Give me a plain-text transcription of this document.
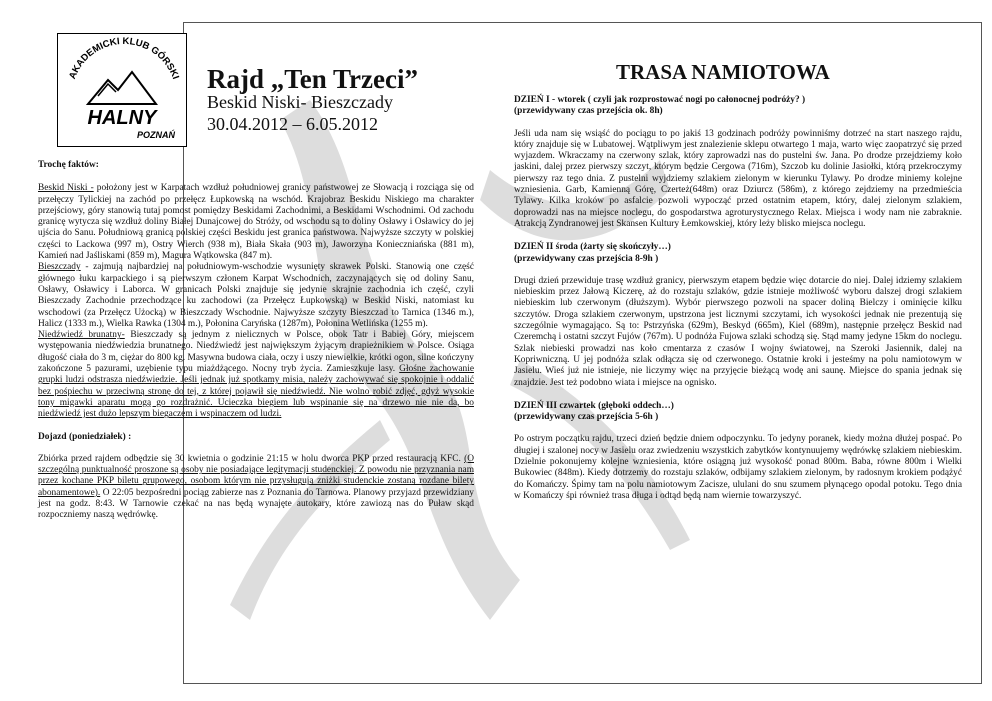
AKADEMICKI KLUB GÓRSKI
HALNY
POZNAŃ
Rajd „Ten Trzeci”
Beskid Niski- Bieszczady
30.04.2012 – 6.05.2012

Trochę faktów:

Beskid Niski - położony jest w Karpatach wzdłuż południowej granicy państwowej ze Słowacją i rozciąga się od przełęczy Tylickiej na zachód po przełęcz Łupkowską na wschód. Krajobraz Beskidu Niskiego ma charakter przejściowy, góry stanowią tutaj pomost pomiędzy Beskidami Zachodnimi, a Beskidami Wschodnimi. Od zachodu granicę wytycza się wzdłuż doliny Białej Dunajcowej do Stróży, od wschodu są to doliny Osławy i Osławicy do jej ujścia do Sanu. Południową granicą polskiej części Beskidu jest granica państwowa. Najwyższe szczyty w polskiej części to Lackowa (997 m), Ostry Wierch (938 m), Biała Skała (903 m), Jaworzyna Konieczniańska (881 m), Kamień nad Jaśliskami (859 m), Magura Wątkowska (847 m).
Bieszczady - zajmują najbardziej na południowym-wschodzie wysunięty skrawek Polski. Stanowią one część głównego łuku karpackiego i są pierwszym członem Karpat Wschodnich, zaczynających się od doliny Sanu, Osławy, Osławicy i Laborca. W granicach Polski znajduje się jedynie skrajnie zachodnia ich część, czyli Bieszczady Zachodnie przechodzące ku zachodowi (za Przełęcz Łupkowską) w Beskid Niski, natomiast ku wschodowi (za Przełęcz Użocką) w Bieszczady Wschodnie. Najwyższe szczyty Bieszczad to Tarnica (1346 m.), Halicz (1333 m.), Wielka Rawka (1304 m.), Połonina Caryńska (1287m), Połonina Wetlińska (1255 m).
Niedźwiedź brunatny- Bieszczady są jednym z nielicznych w Polsce, obok Tatr i Babiej Góry, miejscem występowania niedźwiedzia brunatnego. Niedźwiedź jest największym żyjącym drapieżnikiem w Polsce. Osiąga długość ciała do 3 m, ciężar do 800 kg. Masywna budowa ciała, oczy i uszy niewielkie, krótki ogon, silne kończyny zakończone 5 pazurami, uzębienie typu miażdżącego. Nocny tryb życia. Zamieszkuje lasy. Głośne zachowanie grupki ludzi odstrasza niedźwiedzie. Jeśli jednak już spotkamy misia, należy zachowywać się spokojnie i oddalić bez pośpiechu w przeciwną stronę do tej, z której pojawił się niedźwiedź. Nie wolno robić zdjęć, gdyż wysokie tony migawki aparatu mogą go rozdrażnić. Ucieczka biegiem lub wspinanie się na drzewo nie nie da, bo niedźwiedź jest dużo lepszym biegaczem i wspinaczem od ludzi.

Dojazd (poniedziałek) :

Zbiórka przed rajdem odbędzie się 30 kwietnia o godzinie 21:15 w holu dworca PKP przed restauracją KFC. (O szczególną punktualność proszone są osoby nie posiadające legitymacji studenckiej. Z powodu nie przyznania nam przez kochane PKP biletu grupowego, osobom którym nie przysługują zniżki studenckie zostaną rozdane bilety abonamentowe). O 22:05 bezpośredni pociąg zabierze nas z Poznania do Tarnowa. Planowy przyjazd przewidziany jest na godz. 8:43. W Tarnowie czekać na nas będą wynajęte autokary, które zawiozą nas do Puław skąd rozpoczniemy naszą wędrówkę.

TRASA NAMIOTOWA

DZIEŃ I - wtorek ( czyli jak rozprostować nogi po całonocnej podróży? )

(przewidywany czas przejścia ok. 8h)

Jeśli uda nam się wsiąść do pociągu to po jakiś 13 godzinach podróży powinniśmy dotrzeć na start naszego rajdu, który znajduje się w Lubatowej. Wątpliwym jest znalezienie sklepu otwartego 1 maja, warto więc zaopatrzyć się przed wyjazdem. Wkraczamy na czerwony szlak, który zaprowadzi nas do pustelni św. Jana. Po drodze przejdziemy koło jaskini, dalej przez pierwszy szczyt, którym będzie Cergowa (716m), Szczob ku dolinie Jasiołki, którą przekroczymy pierwszy raz tego dnia. Z pustelni wyjdziemy szlakiem zielonym w kierunku Tylawy. Po drodze miniemy kolejne wzniesienia. Garb, Kamienną Górę, Czerteż(648m) oraz Dziurcz (586m), z którego zejdziemy na przedmieścia Tylawy. Kilka kroków po asfalcie pozwoli wypocząć przed ostatnim etapem, który, dalej zielonym szlakiem, doprowadzi nas na miejsce noclegu, do gospodarstwa agroturystycznego Relax. Miejsca i wody nam nie zabraknie. Atrakcją Zyndranowej jest Skansen Kultury Łemkowskiej, który leży blisko miejsca noclegu.

DZIEŃ II środa (żarty się skończyły…)

(przewidywany czas przejścia 8-9h )

Drugi dzień przewiduje trasę wzdłuż granicy, pierwszym etapem będzie więc dotarcie do niej. Dalej idziemy szlakiem niebieskim przez Jałową Kiczerę, aż do rozstaju szlaków, gdzie istnieje możliwość wyboru dalszej drogi szlakiem niebieskim lub czerwonym (dłuższym). Wybór pierwszego pozwoli na spacer doliną Bielczy i ominięcie kilku szczytów. Droga szlakiem czerwonym, upstrzona jest licznymi szczytami, ich wysokości jednak nie prezentują się szczególnie wymagająco. Są to: Pstrzyńska (629m), Beskyd (665m), Kiel (689m), następnie przełęcz Beskid nad Czeremchą i ostatni szczyt Fujów (767m). U podnóża Fujowa szlaki schodzą się. Stąd mamy jedyne 15km do noclegu. Szlak niebieski prowadzi nas koło cmentarza z czasów I wojny światowej, na Szeroki Jasiennik, dalej na Kopriwniczną. U jej podnóża szlak odłącza się od czerwonego. Ostatnie kroki i jesteśmy na polu namiotowym w Jasielu. Wieś już nie istnieje, nie liczymy więc na przyjęcie bieżącą wodę ani saunę. Miejsce do spania jednak się znajdzie. Jest też podobno wiata i miejsce na ognisko.

DZIEŃ III czwartek (głęboki oddech…)

(przewidywany czas przejścia 5-6h )

Po ostrym początku rajdu, trzeci dzień będzie dniem odpoczynku. To jedyny poranek, kiedy można dłużej pospać. Po długiej i szalonej nocy w Jasielu oraz zwiedzeniu wszystkich zabytków kontynuujemy wędrówkę szlakiem niebieskim. Dzielnie pokonujemy kolejne wzniesienia, które osiągną już wysokość ponad 800m. Baba, równe 800m i Wielki Bukowiec (848m). Kiedy dotrzemy do rozstaju szlaków, odbijamy szlakiem zielonym, by radosnym krokiem podążyć do Komańczy. Śpimy tam na polu namiotowym Zacisze, ululani do snu szumem płynącego opodal potoku. Tego dnia w Komańczy śpi również trasa długa i odtąd będą nam wiernie towarzyszyć.
